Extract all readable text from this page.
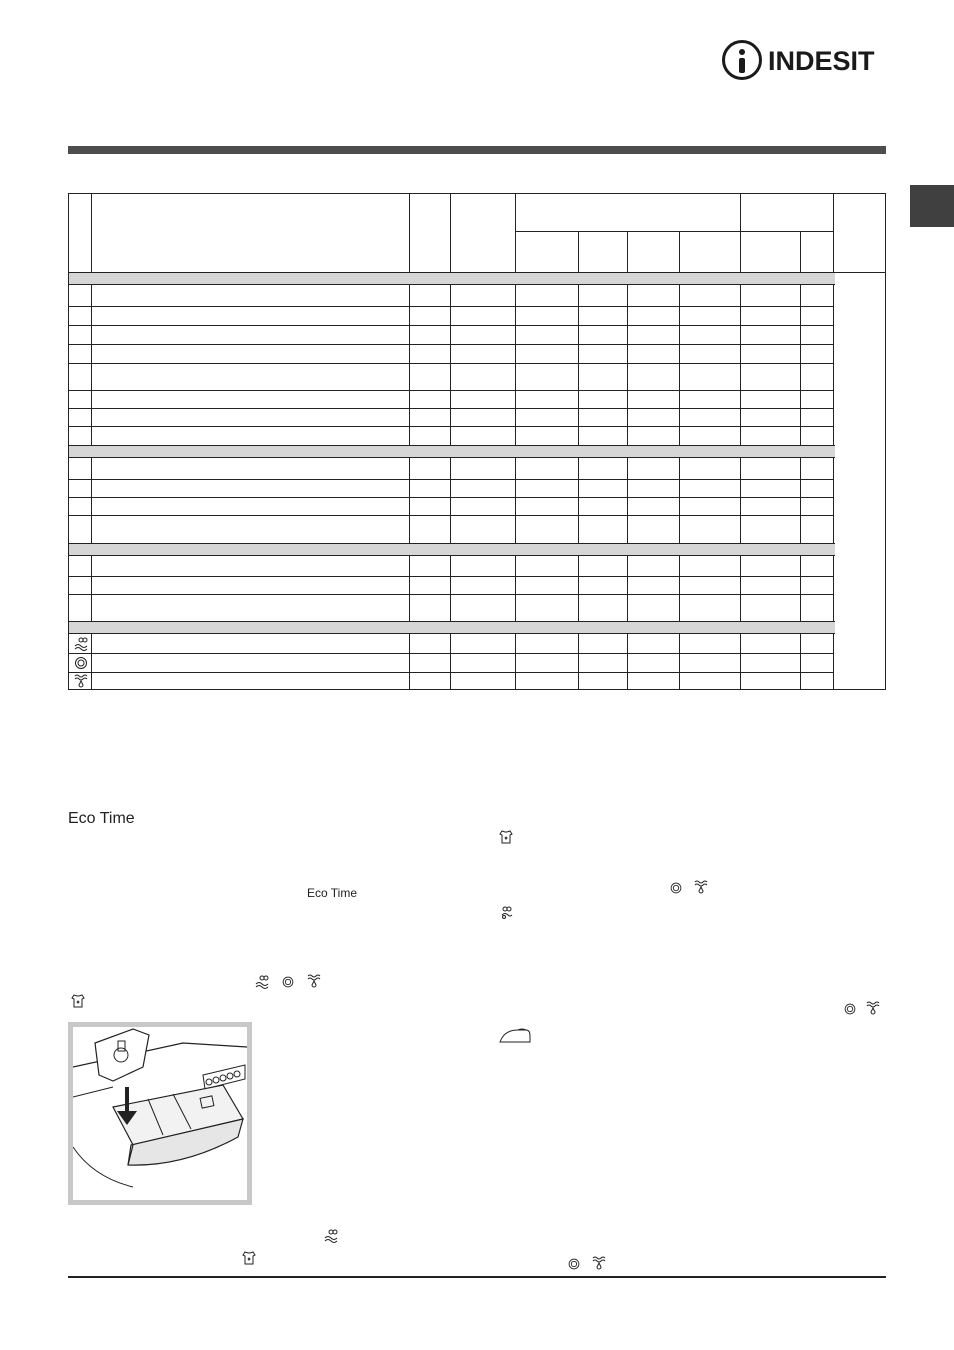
INDESIT
Eco Time
Eco Time
